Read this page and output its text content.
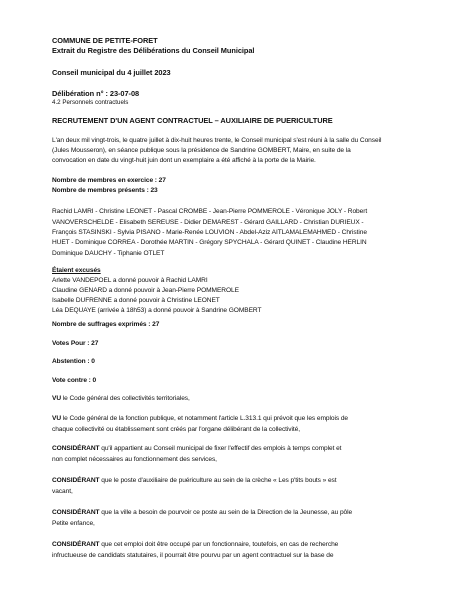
COMMUNE DE PETITE-FORET
Extrait du Registre des Délibérations du Conseil Municipal
Conseil municipal du 4 juillet 2023
Délibération n° : 23-07-08
4.2 Personnels contractuels
RECRUTEMENT D'UN AGENT CONTRACTUEL – AUXILIAIRE DE PUERICULTURE
L'an deux mil vingt-trois, le quatre juillet à dix-huit heures trente, le Conseil municipal s'est réuni à la salle du Conseil
(Jules Mousseron), en séance publique sous la présidence de Sandrine GOMBERT, Maire, en suite de la
convocation en date du vingt-huit juin dont un exemplaire a été affiché à la porte de la Mairie.
Nombre de membres en exercice : 27
Nombre de membres présents : 23
Rachid LAMRI - Christine LEONET - Pascal CROMBE - Jean-Pierre POMMEROLE - Véronique JOLY - Robert
VANOVERSCHELDE - Elisabeth SEREUSE - Didier DEMAREST - Gérard GAILLARD - Christian DURIEUX -
François STASINSKI - Sylvia PISANO - Marie-Renée LOUVION - Abdel-Aziz AITLAMALEMAHMED - Christine
HUET - Dominique CORREA - Dorothée MARTIN - Grégory SPYCHALA - Gérard QUINET - Claudine HERLIN
Dominique DAUCHY - Tiphanie OTLET
Étaient excusés
Arlette VANDEPOEL a donné pouvoir à Rachid LAMRI
Claudine GENARD a donné pouvoir à Jean-Pierre POMMEROLE
Isabelle DUFRENNE a donné pouvoir à Christine LEONET
Léa DEQUAYE (arrivée à 18h53) a donné pouvoir à Sandrine GOMBERT
Nombre de suffrages exprimés : 27
Votes Pour : 27
Abstention : 0
Vote contre : 0
VU le Code général des collectivités territoriales,
VU le Code général de la fonction publique, et notamment l'article L.313.1 qui prévoit que les emplois de
chaque collectivité ou établissement sont créés par l'organe délibérant de la collectivité,
CONSIDÉRANT qu'il appartient au Conseil municipal de fixer l'effectif des emplois à temps complet et
non complet nécessaires au fonctionnement des services,
CONSIDÉRANT que le poste d'auxiliaire de puériculture au sein de la crèche « Les p'tits bouts » est
vacant,
CONSIDÉRANT que la ville a besoin de pourvoir ce poste au sein de la Direction de la Jeunesse, au pôle
Petite enfance,
CONSIDÉRANT que cet emploi doit être occupé par un fonctionnaire, toutefois, en cas de recherche
infructueuse de candidats statutaires, il pourrait être pourvu par un agent contractuel sur la base de
